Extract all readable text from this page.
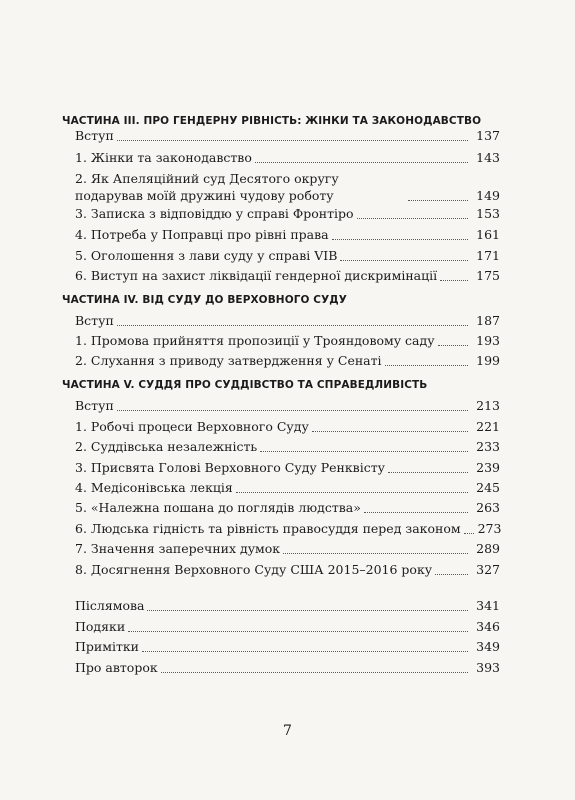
ЧАСТИНА III. ПРО ГЕНДЕРНУ РІВНІСТЬ: ЖІНКИ ТА ЗАКОНОДАВСТВО
Вступ	137
1. Жінки та законодавство	143
2. Як Апеляційний суд Десятого округу подарував моїй дружині чудову роботу	149
3. Записка з відповіддю у справі Фронтіро	153
4. Потреба у Поправці про рівні права	161
5. Оголошення з лави суду у справі VIB	171
6. Виступ на захист ліквідації гендерної дискримінації	175
ЧАСТИНА IV. ВІД СУДУ ДО ВЕРХОВНОГО СУДУ
Вступ	187
1. Промова прийняття пропозиції у Трояндовому саду	193
2. Слухання з приводу затвердження у Сенаті	199
ЧАСТИНА V. СУДДЯ ПРО СУДДІВСТВО ТА СПРАВЕДЛИВІСТЬ
Вступ	213
1. Робочі процеси Верховного Суду	221
2. Суддівська незалежність	233
3. Присвята Голові Верховного Суду Ренквісту	239
4. Медісонівська лекція	245
5. «Належна пошана до поглядів людства»	263
6. Людська гідність та рівність правосуддя перед законом 273
7. Значення заперечних думок	289
8. Досягнення Верховного Суду США 2015–2016 року	327
Післямова	341
Подяки	346
Примітки	349
Про авторок	393
7
